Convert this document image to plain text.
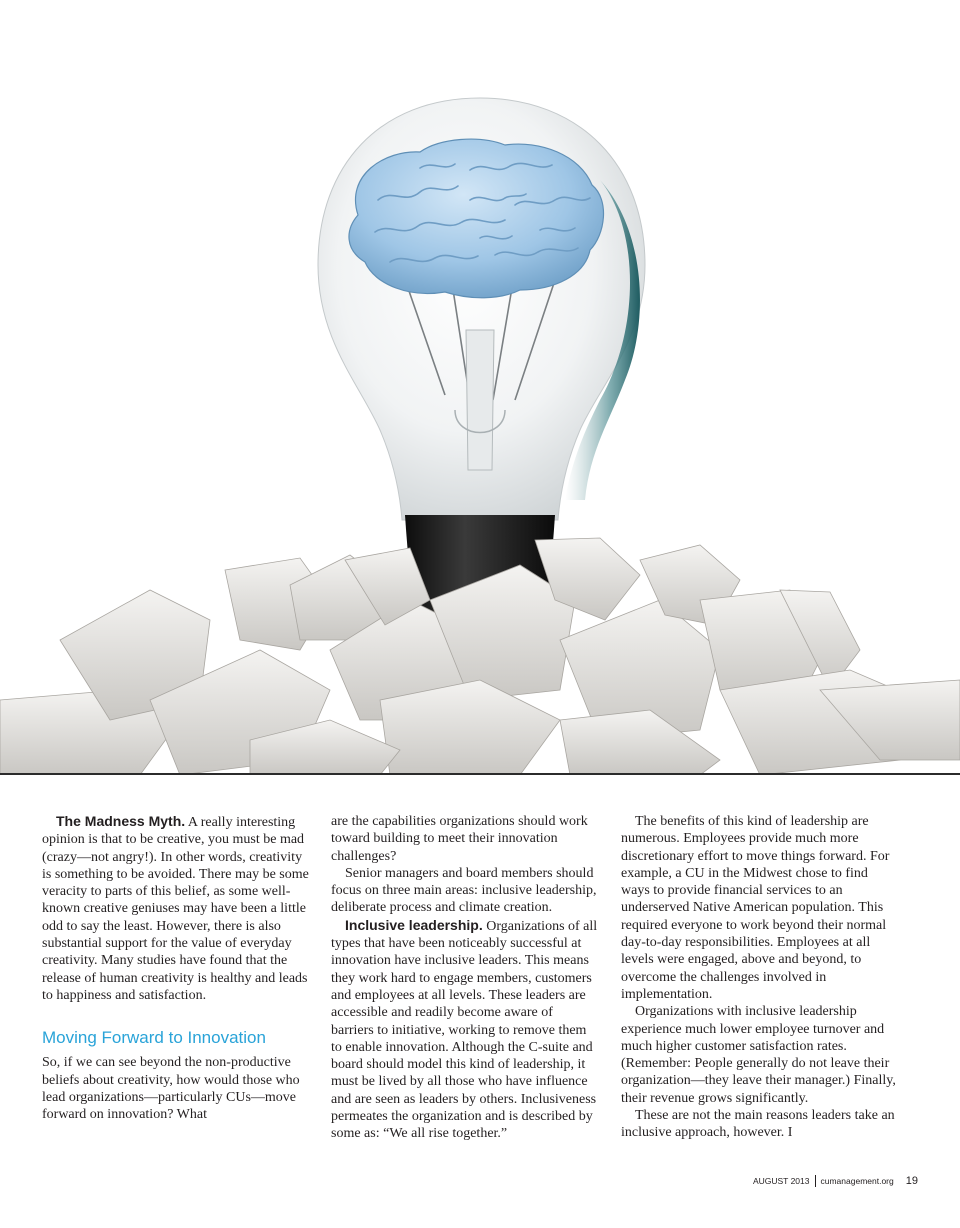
The Madness Myth. A really interesting opinion is that to be creative, you must be mad (crazy—not angry!). In other words, creativity is something to be avoided. There may be some veracity to parts of this belief, as some well-known creative geniuses may have been a little odd to say the least. However, there is also substantial support for the value of everyday creativity. Many studies have found that the release of human creativity is healthy and leads to happiness and satisfaction.

Moving Forward to Innovation

So, if we can see beyond the non-productive beliefs about creativity, how would those who lead organizations—particularly CUs—move forward on innovation? What

are the capabilities organizations should work toward building to meet their innovation challenges?

Senior managers and board members should focus on three main areas: inclusive leadership, deliberate process and climate creation.

Inclusive leadership. Organizations of all types that have been noticeably successful at innovation have inclusive leaders. This means they work hard to engage members, customers and employees at all levels. These leaders are accessible and readily become aware of barriers to initiative, working to remove them to enable innovation. Although the C-suite and board should model this kind of leadership, it must be lived by all those who have influence and are seen as leaders by others. Inclusiveness permeates the organization and is described by some as: “We all rise together.”

The benefits of this kind of leadership are numerous. Employees provide much more discretionary effort to move things forward. For example, a CU in the Midwest chose to find ways to provide financial services to an underserved Native American population. This required everyone to work beyond their normal day-to-day responsibilities. Employees at all levels were engaged, above and beyond, to overcome the challenges involved in implementation.

Organizations with inclusive leadership experience much lower employee turnover and much higher customer satisfaction rates. (Remember: People generally do not leave their organization—they leave their manager.) Finally, their revenue grows significantly.

These are not the main reasons leaders take an inclusive approach, however. I

AUGUST 2013 cumanagement.org 19
